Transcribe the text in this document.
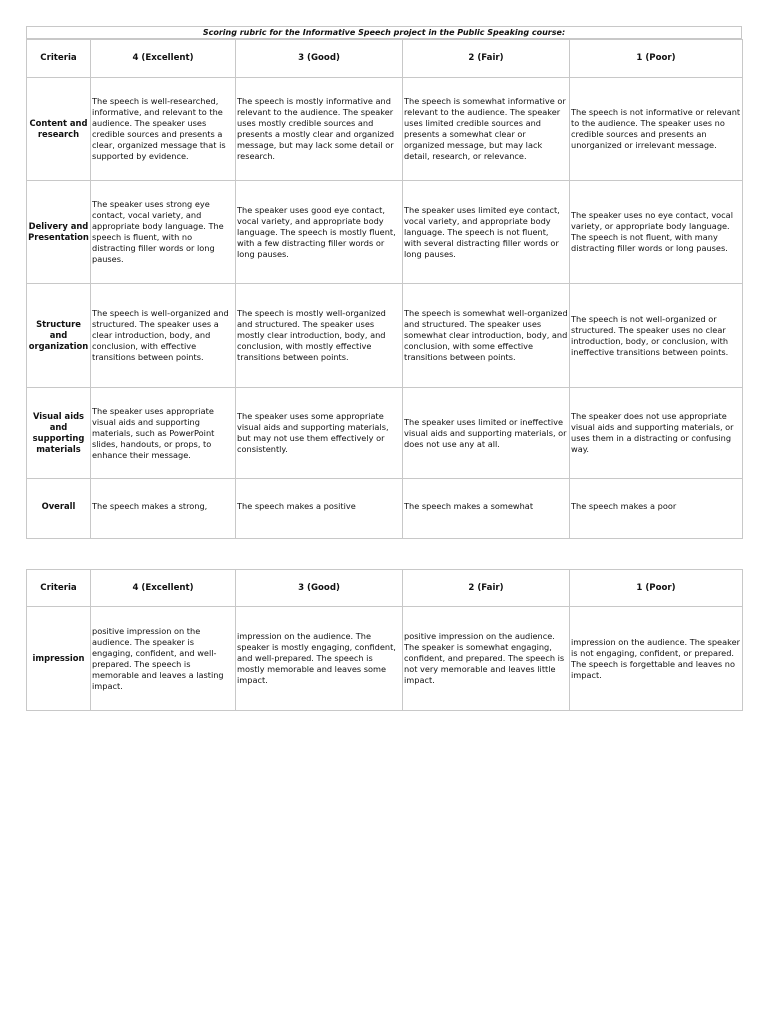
Scoring rubric for the Informative Speech project in the Public Speaking course:
Criteria	4 (Excellent)	3 (Good)	2 (Fair)	1 (Poor)
Content and research	The speech is well-researched, informative, and relevant to the audience. The speaker uses credible sources and presents a clear, organized message that is supported by evidence.	The speech is mostly informative and relevant to the audience. The speaker uses mostly credible sources and presents a mostly clear and organized message, but may lack some detail or research.	The speech is somewhat informative or relevant to the audience. The speaker uses limited credible sources and presents a somewhat clear or organized message, but may lack detail, research, or relevance.	The speech is not informative or relevant to the audience. The speaker uses no credible sources and presents an unorganized or irrelevant message.
Delivery and Presentation	The speaker uses strong eye contact, vocal variety, and appropriate body language. The speech is fluent, with no distracting filler words or long pauses.	The speaker uses good eye contact, vocal variety, and appropriate body language. The speech is mostly fluent, with a few distracting filler words or long pauses.	The speaker uses limited eye contact, vocal variety, and appropriate body language. The speech is not fluent, with several distracting filler words or long pauses.	The speaker uses no eye contact, vocal variety, or appropriate body language. The speech is not fluent, with many distracting filler words or long pauses.
Structure and organization	The speech is well-organized and structured. The speaker uses a clear introduction, body, and conclusion, with effective transitions between points.	The speech is mostly well-organized and structured. The speaker uses mostly clear introduction, body, and conclusion, with mostly effective transitions between points.	The speech is somewhat well-organized and structured. The speaker uses somewhat clear introduction, body, and conclusion, with some effective transitions between points.	The speech is not well-organized or structured. The speaker uses no clear introduction, body, or conclusion, with ineffective transitions between points.
Visual aids and supporting materials	The speaker uses appropriate visual aids and supporting materials, such as PowerPoint slides, handouts, or props, to enhance their message.	The speaker uses some appropriate visual aids and supporting materials, but may not use them effectively or consistently.	The speaker uses limited or ineffective visual aids and supporting materials, or does not use any at all.	The speaker does not use appropriate visual aids and supporting materials, or uses them in a distracting or confusing way.
Overall	The speech makes a strong,	The speech makes a positive	The speech makes a somewhat	The speech makes a poor
Criteria	4 (Excellent)	3 (Good)	2 (Fair)	1 (Poor)
impression	positive impression on the audience. The speaker is engaging, confident, and well-prepared. The speech is memorable and leaves a lasting impact.	impression on the audience. The speaker is mostly engaging, confident, and well-prepared. The speech is mostly memorable and leaves some impact.	positive impression on the audience. The speaker is somewhat engaging, confident, and prepared. The speech is not very memorable and leaves little impact.	impression on the audience. The speaker is not engaging, confident, or prepared. The speech is forgettable and leaves no impact.
